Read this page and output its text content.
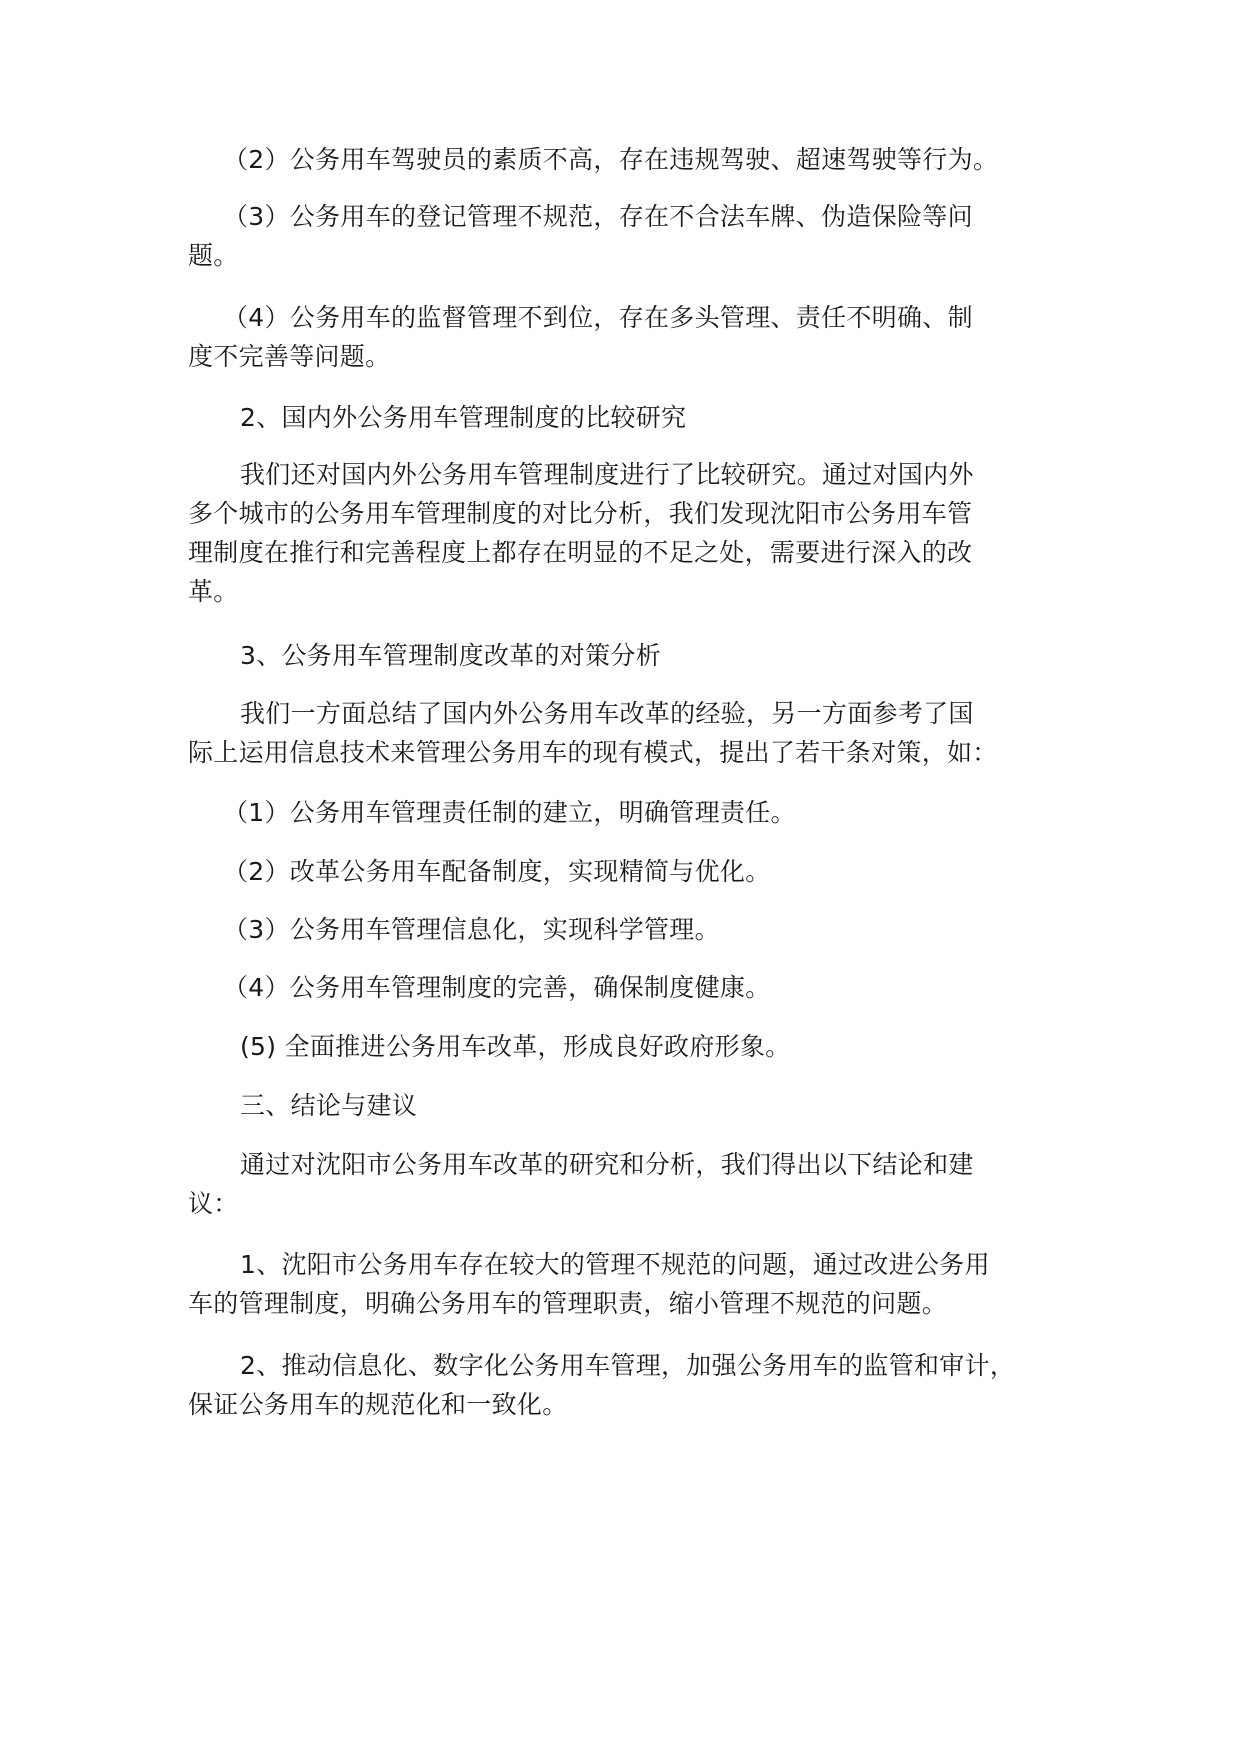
（2）公务用车驾驶员的素质不高，存在违规驾驶、超速驾驶等行为。
（3）公务用车的登记管理不规范，存在不合法车牌、伪造保险等问
题。
（4）公务用车的监督管理不到位，存在多头管理、责任不明确、制
度不完善等问题。
2、国内外公务用车管理制度的比较研究
我们还对国内外公务用车管理制度进行了比较研究。通过对国内外
多个城市的公务用车管理制度的对比分析，我们发现沈阳市公务用车管
理制度在推行和完善程度上都存在明显的不足之处，需要进行深入的改
革。
3、公务用车管理制度改革的对策分析
我们一方面总结了国内外公务用车改革的经验，另一方面参考了国
际上运用信息技术来管理公务用车的现有模式，提出了若干条对策，如：
（1）公务用车管理责任制的建立，明确管理责任。
（2）改革公务用车配备制度，实现精简与优化。
（3）公务用车管理信息化，实现科学管理。
（4）公务用车管理制度的完善，确保制度健康。
(5) 全面推进公务用车改革，形成良好政府形象。
三、结论与建议
通过对沈阳市公务用车改革的研究和分析，我们得出以下结论和建
议：
1、沈阳市公务用车存在较大的管理不规范的问题，通过改进公务用
车的管理制度，明确公务用车的管理职责，缩小管理不规范的问题。
2、推动信息化、数字化公务用车管理，加强公务用车的监管和审计，
保证公务用车的规范化和一致化。
